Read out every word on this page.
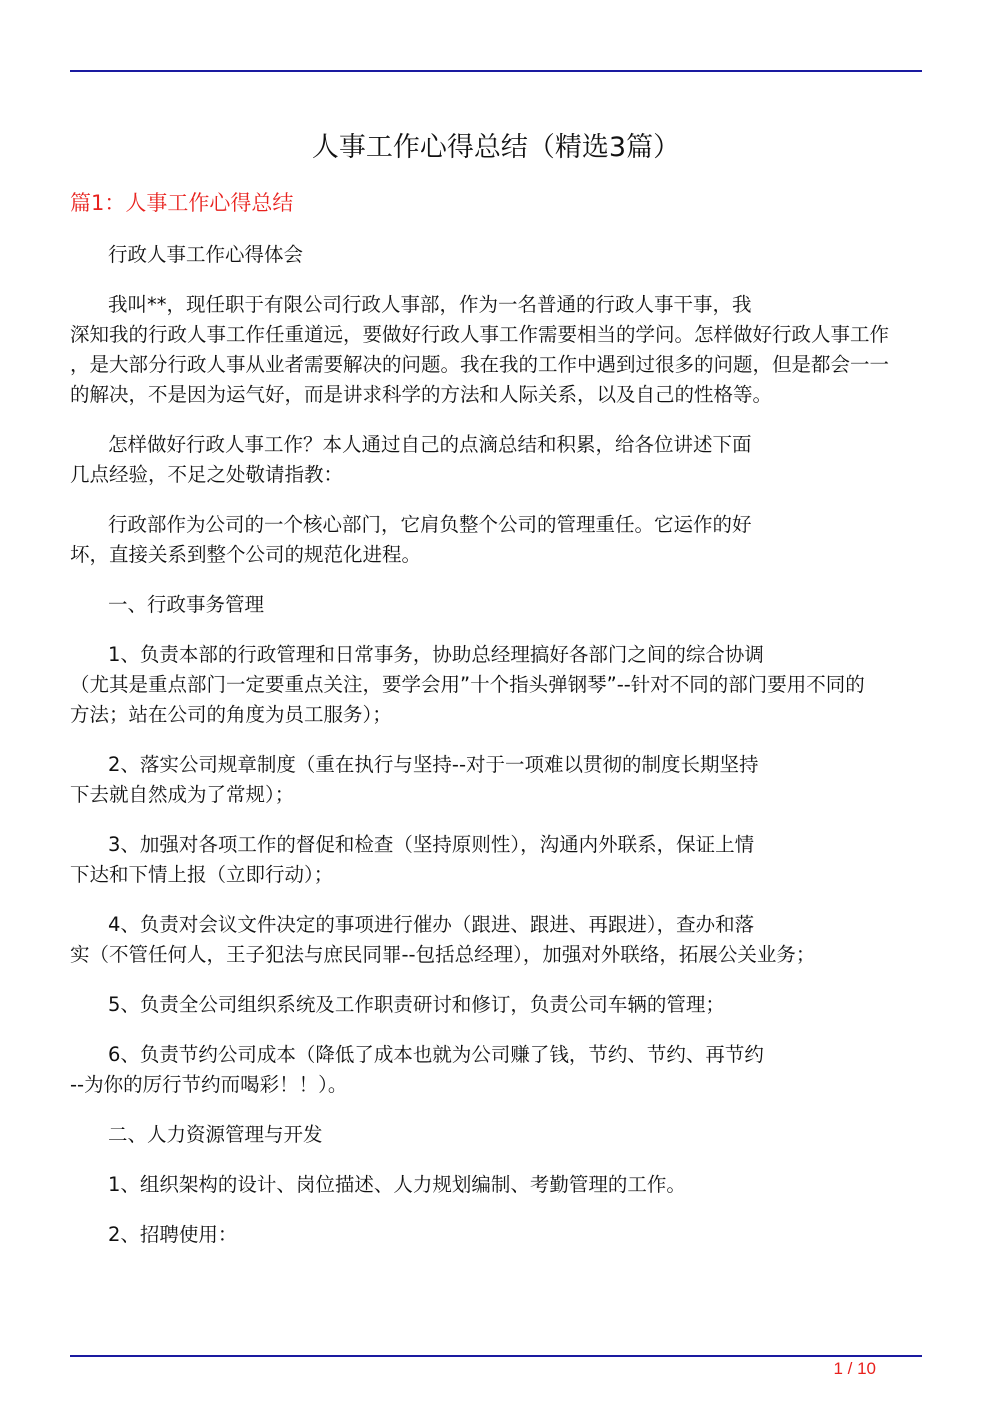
人事工作心得总结（精选3篇）
篇1：人事工作心得总结
行政人事工作心得体会
我叫**，现任职于有限公司行政人事部，作为一名普通的行政人事干事，我
深知我的行政人事工作任重道远，要做好行政人事工作需要相当的学问。怎样做好行政人事工作
，是大部分行政人事从业者需要解决的问题。我在我的工作中遇到过很多的问题，但是都会一一
的解决，不是因为运气好，而是讲求科学的方法和人际关系，以及自己的性格等。
怎样做好行政人事工作？本人通过自己的点滴总结和积累，给各位讲述下面
几点经验，不足之处敬请指教：
行政部作为公司的一个核心部门，它肩负整个公司的管理重任。它运作的好
坏，直接关系到整个公司的规范化进程。
一、行政事务管理
1、负责本部的行政管理和日常事务，协助总经理搞好各部门之间的综合协调
（尤其是重点部门一定要重点关注，要学会用”十个指头弹钢琴”--针对不同的部门要用不同的
方法；站在公司的角度为员工服务）；
2、落实公司规章制度（重在执行与坚持--对于一项难以贯彻的制度长期坚持
下去就自然成为了常规）；
3、加强对各项工作的督促和检查（坚持原则性），沟通内外联系，保证上情
下达和下情上报（立即行动）；
4、负责对会议文件决定的事项进行催办（跟进、跟进、再跟进），查办和落
实（不管任何人，王子犯法与庶民同罪--包括总经理），加强对外联络，拓展公关业务；
5、负责全公司组织系统及工作职责研讨和修订，负责公司车辆的管理；
6、负责节约公司成本（降低了成本也就为公司赚了钱，节约、节约、再节约
--为你的厉行节约而喝彩！！）。
二、人力资源管理与开发
1、组织架构的设计、岗位描述、人力规划编制、考勤管理的工作。
2、招聘使用：
1 / 10
